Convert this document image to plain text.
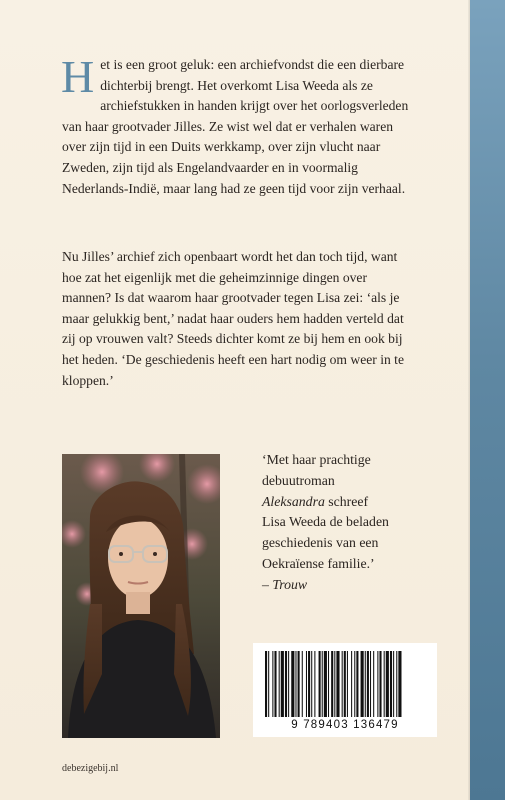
Het is een groot geluk: een archiefvondst die een dierbare dichterbij brengt. Het overkomt Lisa Weeda als ze archiefstukken in handen krijgt over het oorlogsverleden van haar grootvader Jilles. Ze wist wel dat er verhalen waren over zijn tijd in een Duits werkkamp, over zijn vlucht naar Zweden, zijn tijd als Engelandvaarder en in voormalig Nederlands-Indië, maar lang had ze geen tijd voor zijn verhaal.

Nu Jilles’ archief zich openbaart wordt het dan toch tijd, want hoe zat het eigenlijk met die geheimzinnige dingen over mannen? Is dat waarom haar grootvader tegen Lisa zei: ‘als je maar gelukkig bent,’ nadat haar ouders hem hadden verteld dat zij op vrouwen valt? Steeds dichter komt ze bij hem en ook bij het heden. ‘De geschiedenis heeft een hart nodig om weer in te kloppen.’

‘Met haar prachtige
debuutroman
Aleksandra schreef
Lisa Weeda de beladen
geschiedenis van een
Oekraïense familie.’
– Trouw
9 789403 136479
debezigebij.nl
